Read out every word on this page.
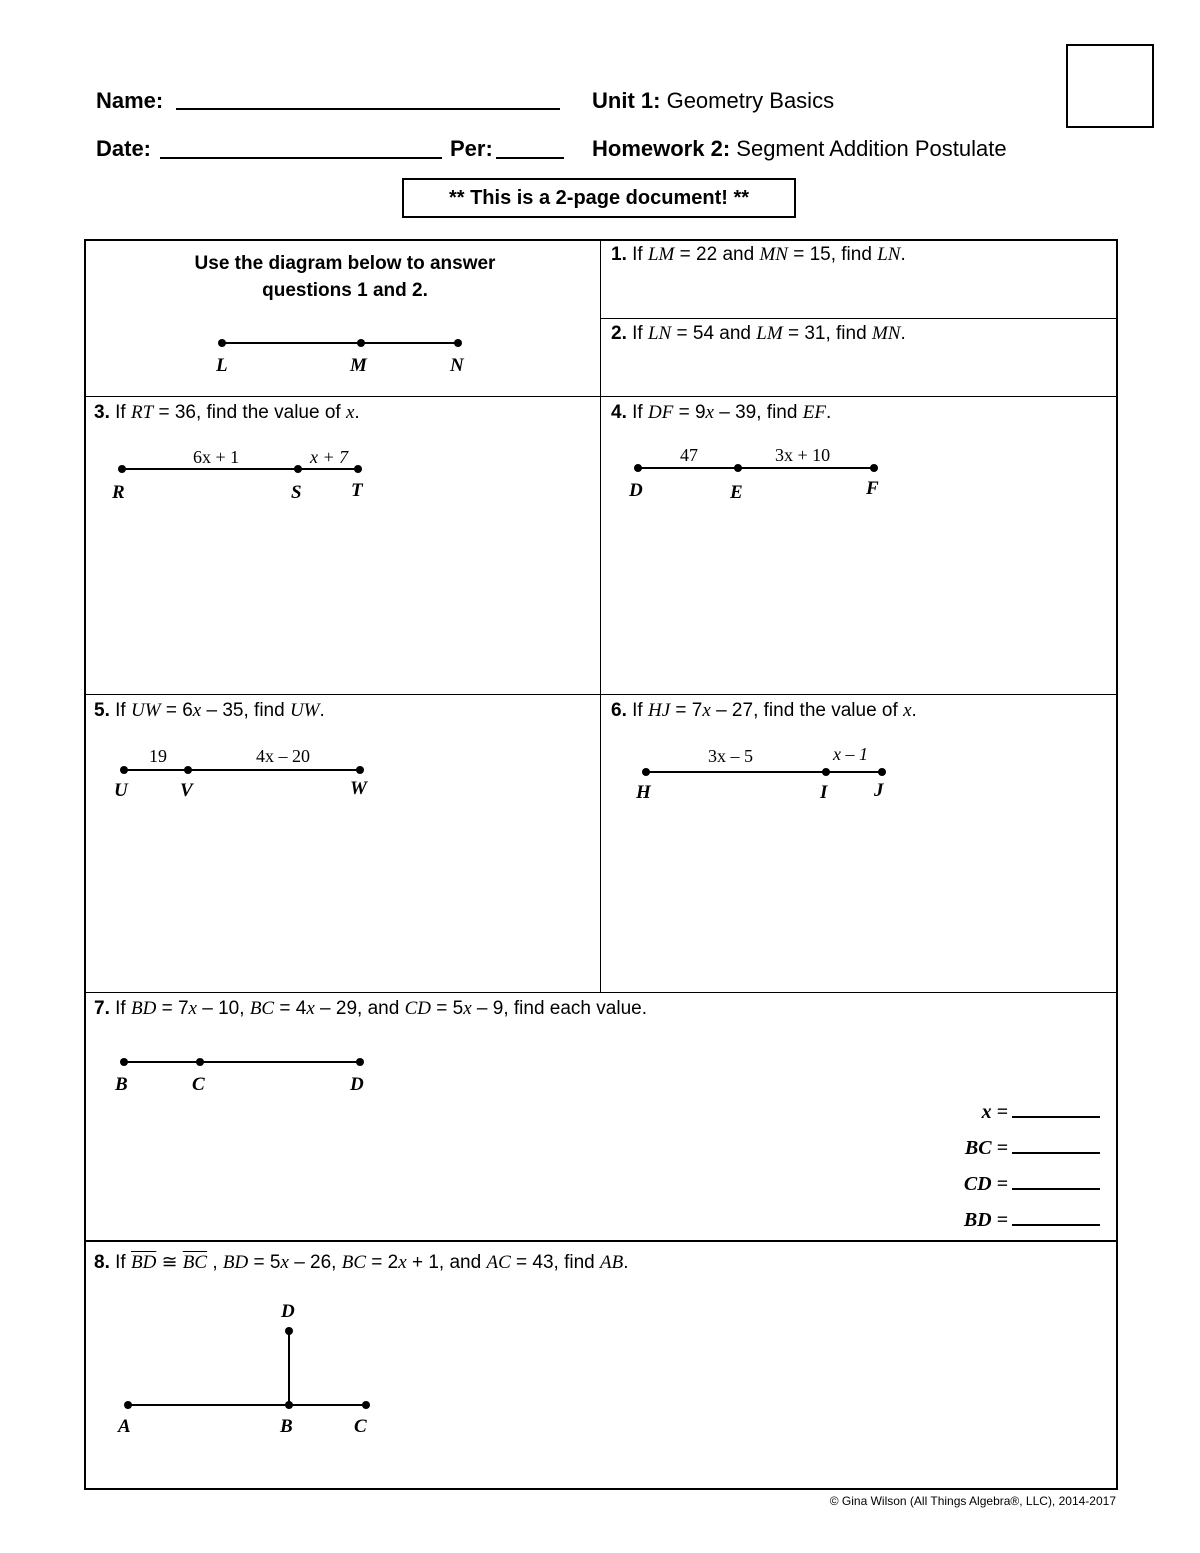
Name:
Date:	Per:
Unit 1: Geometry Basics
Homework 2: Segment Addition Postulate
** This is a 2-page document! **
Use the diagram below to answer questions 1 and 2.
L	M	N
1. If LM = 22 and MN = 15, find LN.
2. If LN = 54 and LM = 31, find MN.
3. If RT = 36, find the value of x.
6x + 1	x + 7
R	S	T
4. If DF = 9x – 39, find EF.
47	3x + 10
D	E	F
5. If UW = 6x – 35, find UW.
19	4x – 20
U	V	W
6. If HJ = 7x – 27, find the value of x.
3x – 5	x – 1
H	I J
7. If BD = 7x – 10, BC = 4x – 29, and CD = 5x – 9, find each value.
B	C	D
x =
BC =
CD =
BD =
8. If $\overline{BD}$ ≅ $\overline{BC}$ , BD = 5x – 26, BC = 2x + 1, and AC = 43, find AB.
D
A	B	C
© Gina Wilson (All Things Algebra®, LLC), 2014-2017
